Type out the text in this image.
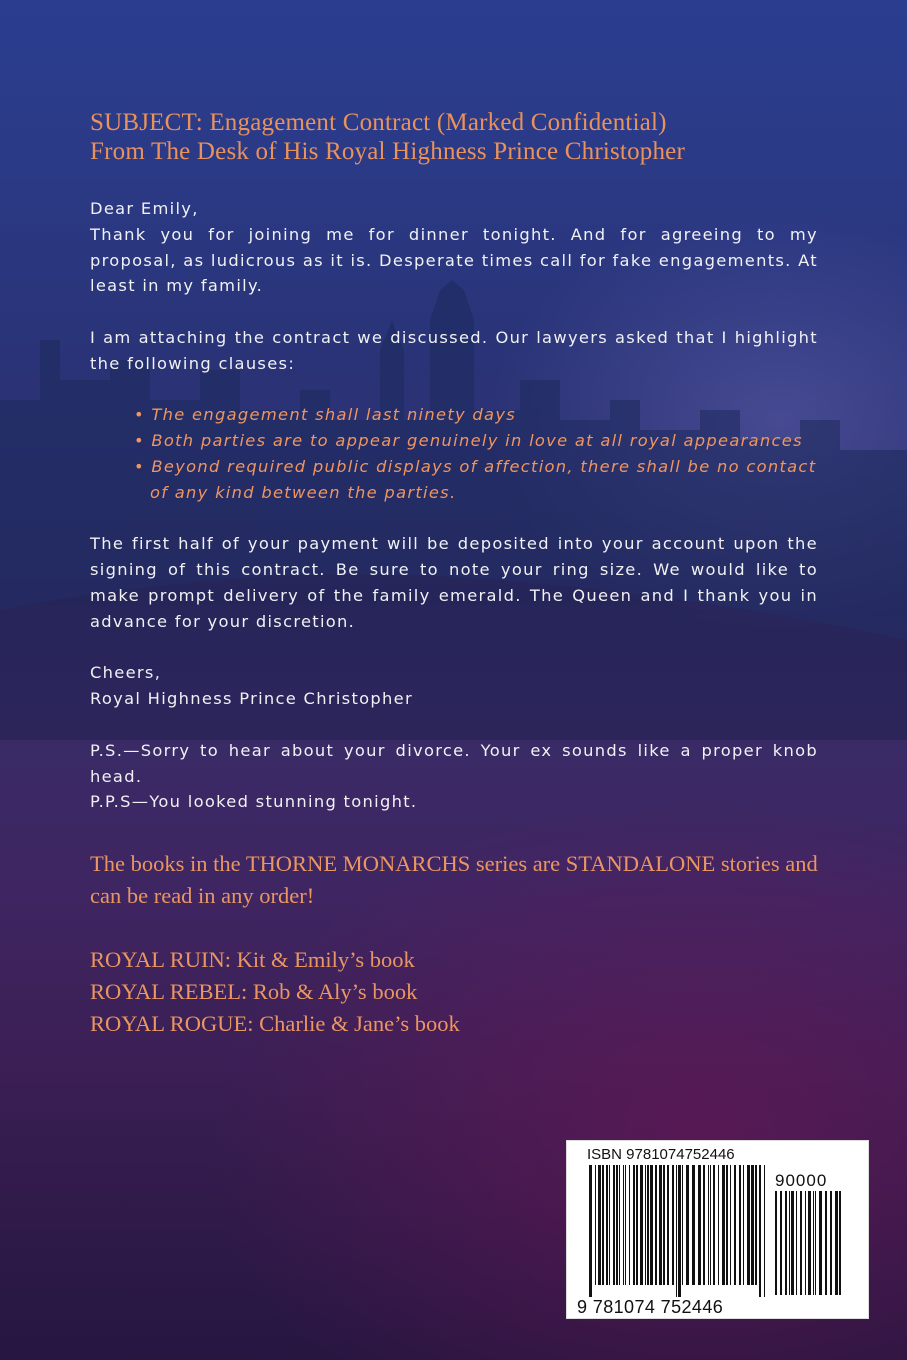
SUBJECT: Engagement Contract (Marked Confidential)
From The Desk of His Royal Highness Prince Christopher

Dear Emily,

Thank you for joining me for dinner tonight. And for agreeing to my proposal, as ludicrous as it is. Desperate times call for fake engagements. At least in my family.

I am attaching the contract we discussed. Our lawyers asked that I highlight the following clauses:

• The engagement shall last ninety days
• Both parties are to appear genuinely in love at all royal appearances
• Beyond required public displays of affection, there shall be no contact of any kind between the parties.

The first half of your payment will be deposited into your account upon the signing of this contract. Be sure to note your ring size. We would like to make prompt delivery of the family emerald. The Queen and I thank you in advance for your discretion.

Cheers,

Royal Highness Prince Christopher

P.S.—Sorry to hear about your divorce. Your ex sounds like a proper knob head.

P.P.S—You looked stunning tonight.

The books in the THORNE MONARCHS series are STANDALONE stories and can be read in any order!

ROYAL RUIN: Kit & Emily’s book

ROYAL REBEL: Rob & Aly’s book

ROYAL ROGUE: Charlie & Jane’s book

ISBN 9781074752446
90000
9 781074 752446
